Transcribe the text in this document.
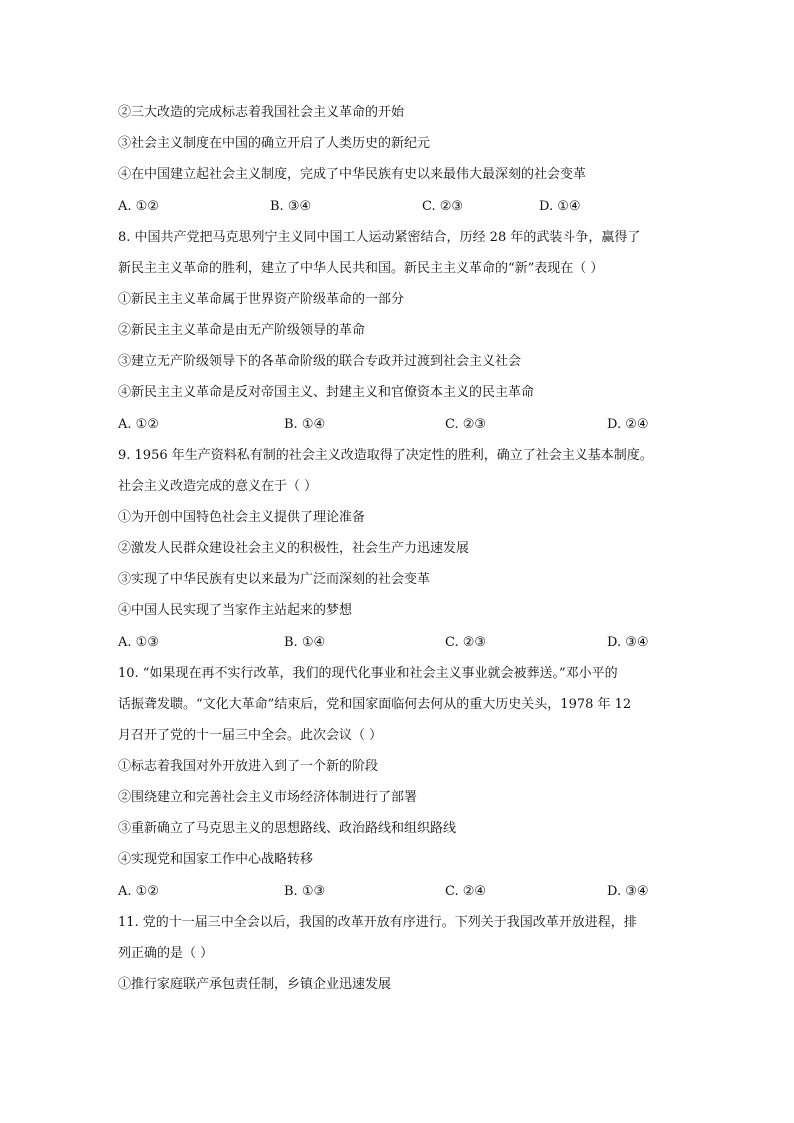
②三大改造的完成标志着我国社会主义革命的开始
③社会主义制度在中国的确立开启了人类历史的新纪元
④在中国建立起社会主义制度，完成了中华民族有史以来最伟大最深刻的社会变革
A. ①②	B. ③④	C. ②③	D. ①④
8. 中国共产党把马克思列宁主义同中国工人运动紧密结合，历经 28 年的武装斗争，赢得了
新民主主义革命的胜利，建立了中华人民共和国。新民主主义革命的“新”表现在（ ）
①新民主主义革命属于世界资产阶级革命的一部分
②新民主主义革命是由无产阶级领导的革命
③建立无产阶级领导下的各革命阶级的联合专政并过渡到社会主义社会
④新民主主义革命是反对帝国主义、封建主义和官僚资本主义的民主革命
A. ①②	B. ①④	C. ②③	D. ②④
9. 1956 年生产资料私有制的社会主义改造取得了决定性的胜利，确立了社会主义基本制度。
社会主义改造完成的意义在于（ ）
①为开创中国特色社会主义提供了理论准备
②激发人民群众建设社会主义的积极性，社会生产力迅速发展
③实现了中华民族有史以来最为广泛而深刻的社会变革
④中国人民实现了当家作主站起来的梦想
A. ①③	B. ①④	C. ②③	D. ③④
10. “如果现在再不实行改革，我们的现代化事业和社会主义事业就会被葬送。”邓小平的
话振聋发聩。“文化大革命”结束后，党和国家面临何去何从的重大历史关头，1978 年 12
月召开了党的十一届三中全会。此次会议（ ）
①标志着我国对外开放进入到了一个新的阶段
②围绕建立和完善社会主义市场经济体制进行了部署
③重新确立了马克思主义的思想路线、政治路线和组织路线
④实现党和国家工作中心战略转移
A. ①②	B. ①③	C. ②④	D. ③④
11. 党的十一届三中全会以后，我国的改革开放有序进行。下列关于我国改革开放进程，排
列正确的是（ ）
①推行家庭联产承包责任制，乡镇企业迅速发展
